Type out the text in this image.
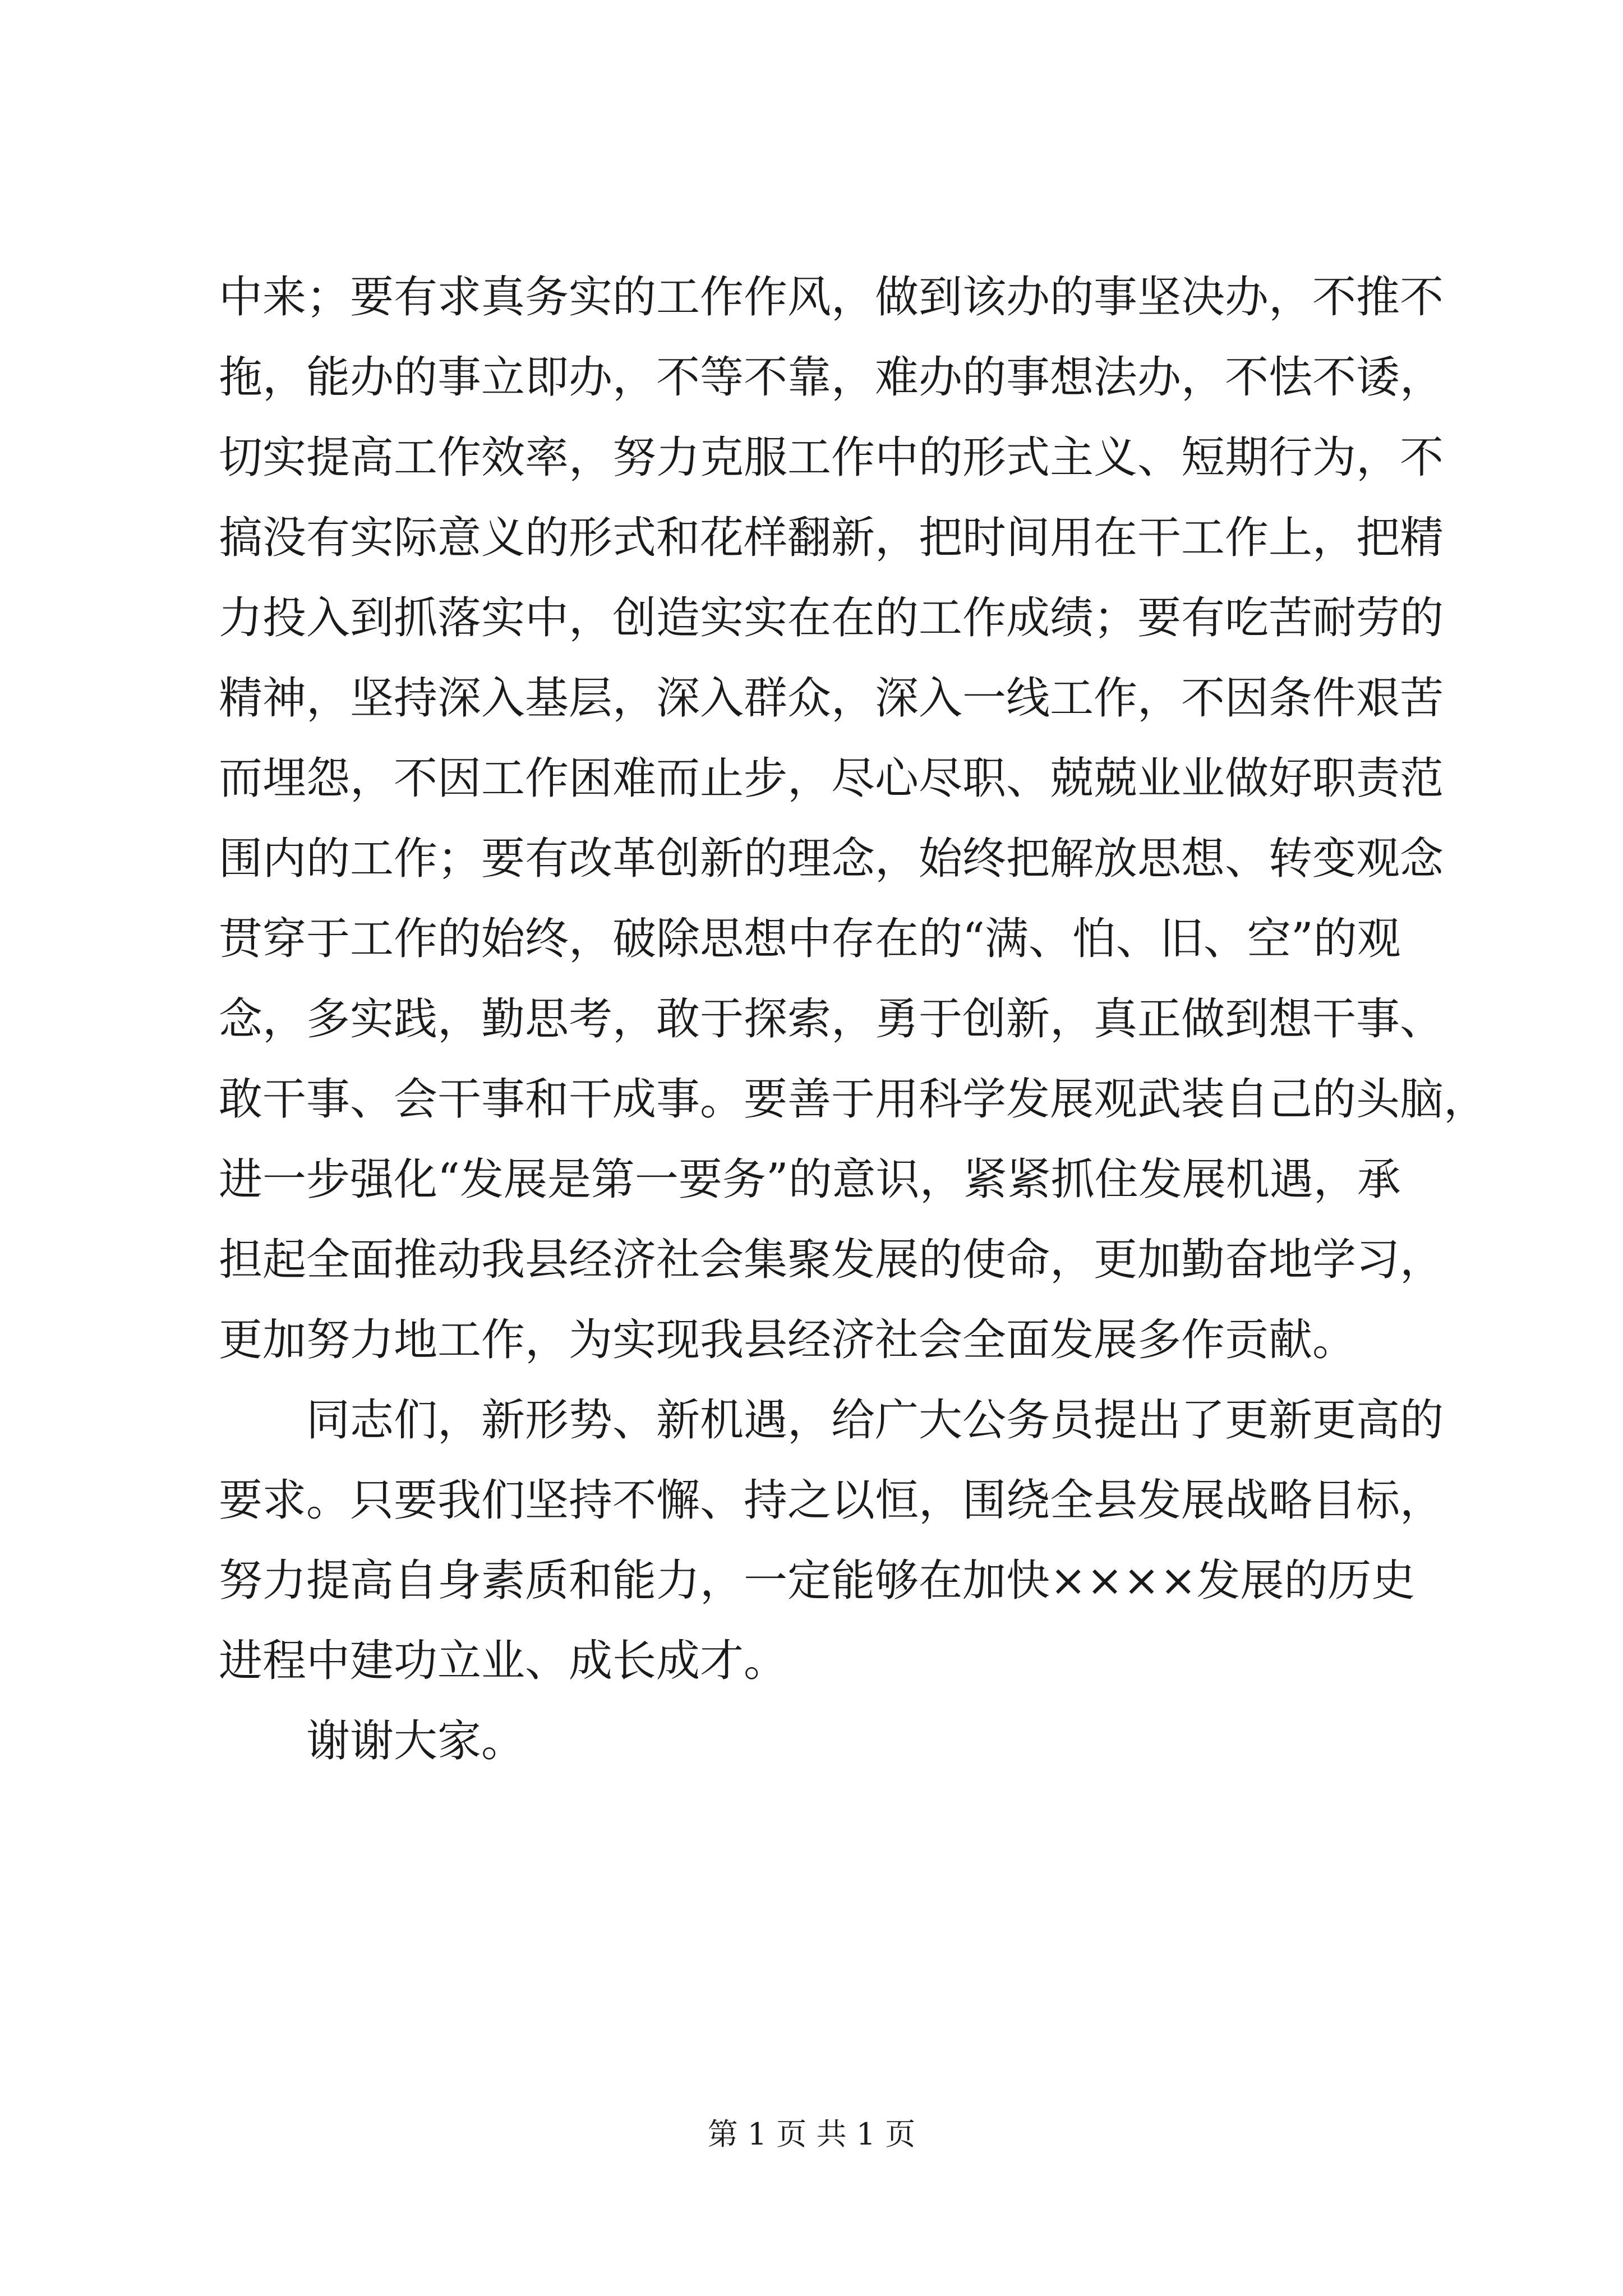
中来；要有求真务实的工作作风，做到该办的事坚决办，不推不
拖，能办的事立即办，不等不靠，难办的事想法办，不怯不诿，
切实提高工作效率，努力克服工作中的形式主义、短期行为，不
搞没有实际意义的形式和花样翻新，把时间用在干工作上，把精
力投入到抓落实中，创造实实在在的工作成绩；要有吃苦耐劳的
精神，坚持深入基层，深入群众，深入一线工作，不因条件艰苦
而埋怨，不因工作困难而止步，尽心尽职、兢兢业业做好职责范
围内的工作；要有改革创新的理念，始终把解放思想、转变观念
贯穿于工作的始终，破除思想中存在的“满、怕、旧、空”的观
念，多实践，勤思考，敢于探索，勇于创新，真正做到想干事、
敢干事、会干事和干成事。要善于用科学发展观武装自己的头脑，
进一步强化“发展是第一要务”的意识，紧紧抓住发展机遇，承
担起全面推动我县经济社会集聚发展的使命，更加勤奋地学习，
更加努力地工作，为实现我县经济社会全面发展多作贡献。
同志们，新形势、新机遇，给广大公务员提出了更新更高的
要求。只要我们坚持不懈、持之以恒，围绕全县发展战略目标，
努力提高自身素质和能力，一定能够在加快××××发展的历史
进程中建功立业、成长成才。
谢谢大家。
第 1 页 共 1 页
